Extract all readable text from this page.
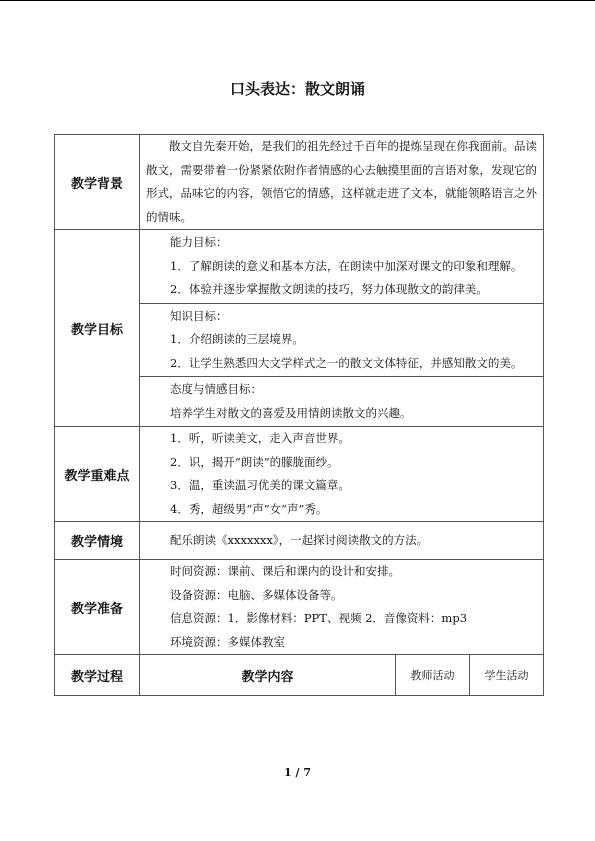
口头表达：散文朗诵
教学背景	散文自先秦开始，是我们的祖先经过千百年的提炼呈现在你我面前。品读散文，需要带着一份紧紧依附作者情感的心去触摸里面的言语对象，发现它的形式，品味它的内容，领悟它的情感，这样就走进了文本，就能领略语言之外的情味。		

教学目标	能力目标：
1．了解朗读的意义和基本方法，在朗读中加深对课文的印象和理解。
2．体验并逐步掌握散文朗读的技巧，努力体现散文的韵律美。		

	知识目标：
1．介绍朗读的三层境界。
2．让学生熟悉四大文学样式之一的散文文体特征，并感知散文的美。		

	态度与情感目标：
培养学生对散文的喜爱及用情朗读散文的兴趣。		

教学重难点	1．听，听读美文，走入声音世界。
2．识，揭开“朗读”的朦胧面纱。
3．温，重读温习优美的课文篇章。
4．秀，超级男“声”女“声”秀。		

教学情境	配乐朗读《xxxxxxx》，一起探讨阅读散文的方法。		

教学准备	时间资源：课前、课后和课内的设计和安排。
设备资源：电脑、多媒体设备等。
信息资源：1．影像材料：PPT、视频 2．音像资料：mp3
环境资源：多媒体教室		

教学过程	教学内容	教师活动	学生活动
1 / 7
